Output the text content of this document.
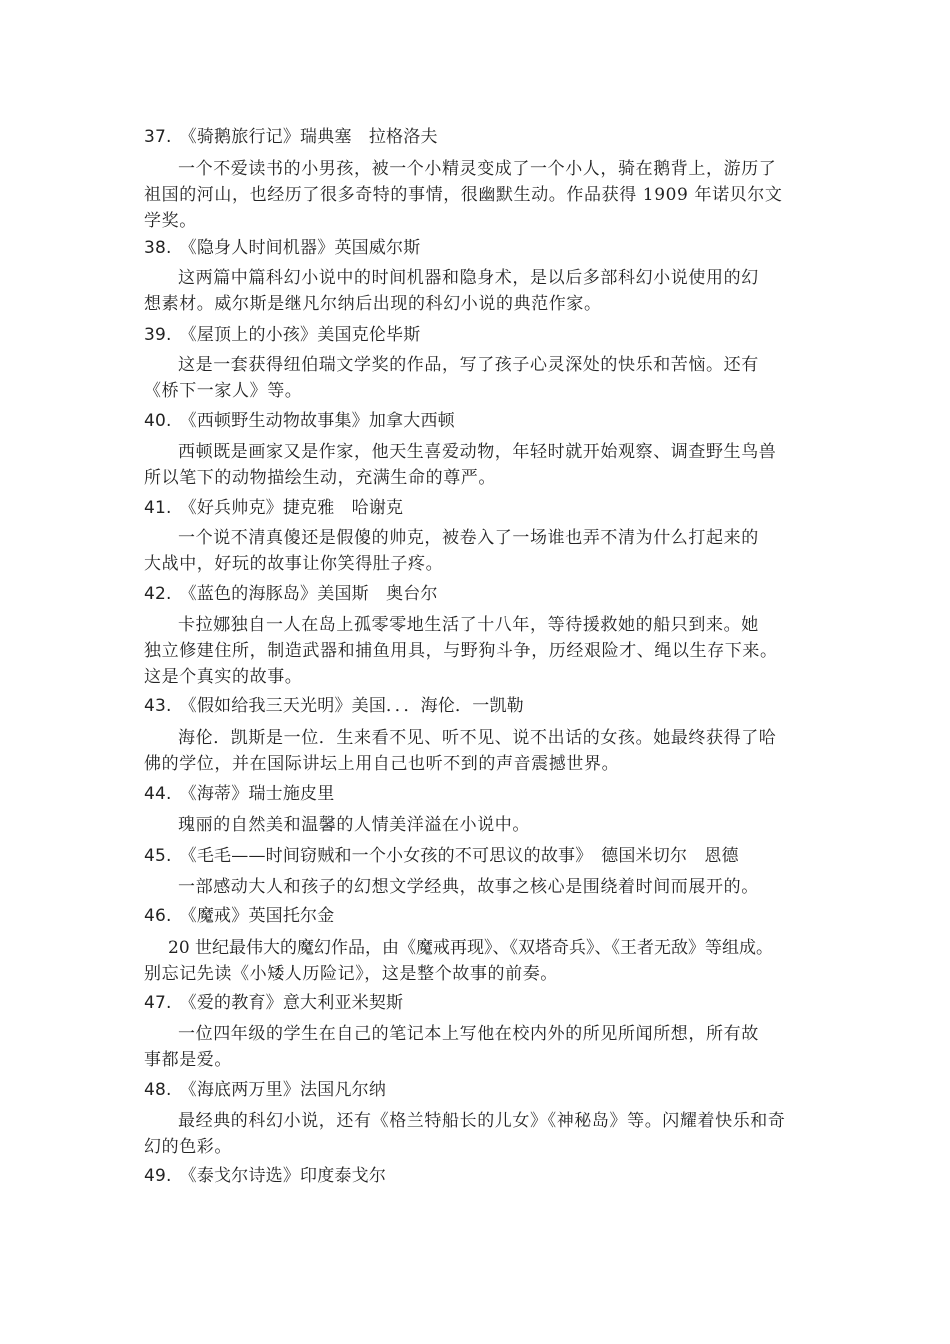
37. 《骑鹅旅行记》瑞典塞　拉格洛夫
一个不爱读书的小男孩，被一个小精灵变成了一个小人，骑在鹅背上，游历了
祖国的河山，也经历了很多奇特的事情，很幽默生动。作品获得 1909 年诺贝尔文
学奖。
38. 《隐身人时间机器》英国威尔斯
这两篇中篇科幻小说中的时间机器和隐身术，是以后多部科幻小说使用的幻
想素材。威尔斯是继凡尔纳后出现的科幻小说的典范作家。
39. 《屋顶上的小孩》美国克伦毕斯
这是一套获得纽伯瑞文学奖的作品，写了孩子心灵深处的快乐和苦恼。还有
《桥下一家人》等。
40. 《西顿野生动物故事集》加拿大西顿
西顿既是画家又是作家，他天生喜爱动物，年轻时就开始观察、调查野生鸟兽
所以笔下的动物描绘生动，充满生命的尊严。
41. 《好兵帅克》捷克雅　哈谢克
一个说不清真傻还是假傻的帅克，被卷入了一场谁也弄不清为什么打起来的
大战中，好玩的故事让你笑得肚子疼。
42. 《蓝色的海豚岛》美国斯　奥台尔
卡拉娜独自一人在岛上孤零零地生活了十八年，等待援救她的船只到来。她
独立修建住所，制造武器和捕鱼用具，与野狗斗争，历经艰险才、绳以生存下来。
这是个真实的故事。
43. 《假如给我三天光明》美国．．．海伦．一凯勒
海伦．凯斯是一位．生来看不见、听不见、说不出话的女孩。她最终获得了哈
佛的学位，并在国际讲坛上用自己也听不到的声音震撼世界。
44. 《海蒂》瑞士施皮里
瑰丽的自然美和温馨的人情美洋溢在小说中。
45. 《毛毛——时间窃贼和一个小女孩的不可思议的故事》　德国米切尔　恩德
一部感动大人和孩子的幻想文学经典，故事之核心是围绕着时间而展开的。
46. 《魔戒》英国托尔金
20 世纪最伟大的魔幻作品，由《魔戒再现》、《双塔奇兵》、《王者无敌》等组成。
别忘记先读《小矮人历险记》，这是整个故事的前奏。
47. 《爱的教育》意大利亚米契斯
一位四年级的学生在自己的笔记本上写他在校内外的所见所闻所想，所有故
事都是爱。
48. 《海底两万里》法国凡尔纳
最经典的科幻小说，还有《格兰特船长的儿女》《神秘岛》等。闪耀着快乐和奇
幻的色彩。
49. 《泰戈尔诗选》印度泰戈尔
